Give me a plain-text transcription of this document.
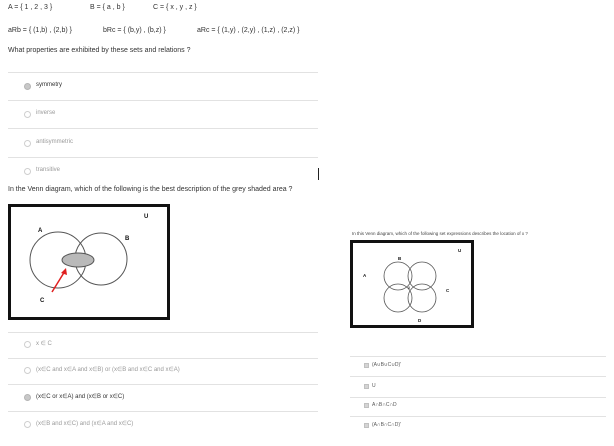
A = { 1 , 2 , 3 }	B = { a , b }	C = { x , y , z }
aRb = { (1,b) , (2,b) }	bRc = { (b,y) , (b,z) }	aRc = { (1,y) , (2,y) , (1,z) , (2,z) }
What properties are exhibited by these sets and relations ?
symmetry
inverse
antisymmetric
transitive
In the Venn diagram, which of the following is the best description of the grey shaded area ?
A
B
C
U
x ∈ C
(x∈C and x∈A and x∈B) or (x∈B and x∈C and x∈A)
(x∈C or x∈A) and (x∈B or x∈C)
(x∈B and x∈C) and (x∈A and x∈C)
In this Venn diagram, which of the following set expressions describes the location of x ?
x
A
B
C
D
U
(A∪B∪C∪D)'
U
A∩B∩C∩D
(A∩B∩C∩D)'
